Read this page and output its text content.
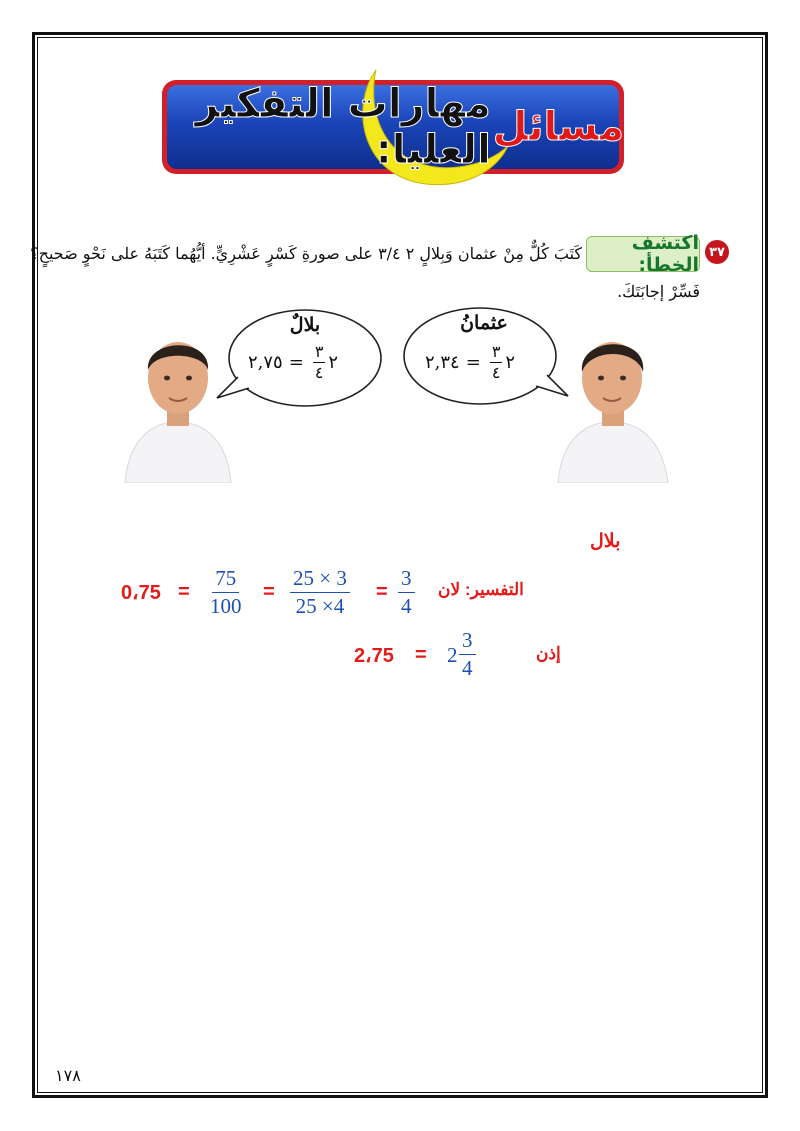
مسائل
مهارات التفكير العليا:
٣٧
اكتشف الخطأ:
كَتَبَ كُلٌّ مِنْ عثمان وَبِلالٍ ٢ ٣/٤ على صورةِ كَسْرٍ عَشْرِيٍّ. أيُّهُما كَتَبَهُ على نَحْوٍ صَحيحٍ؟
فَسِّرْ إجابَتَكَ.
بلالٌ
٢
$\frac{٣}{٤}$
=
٢,٧٥
عثمانُ
٢
$\frac{٣}{٤}$
=
٢,٣٤
بلال
التفسير: لان
$\frac{3}{4}$
=
$\frac{25 \times 3}{25 \times 4}$
=
$\frac{75}{100}$
=
0،75
إذن
$2 \frac{3}{4}$
=
2،75
١٧٨
